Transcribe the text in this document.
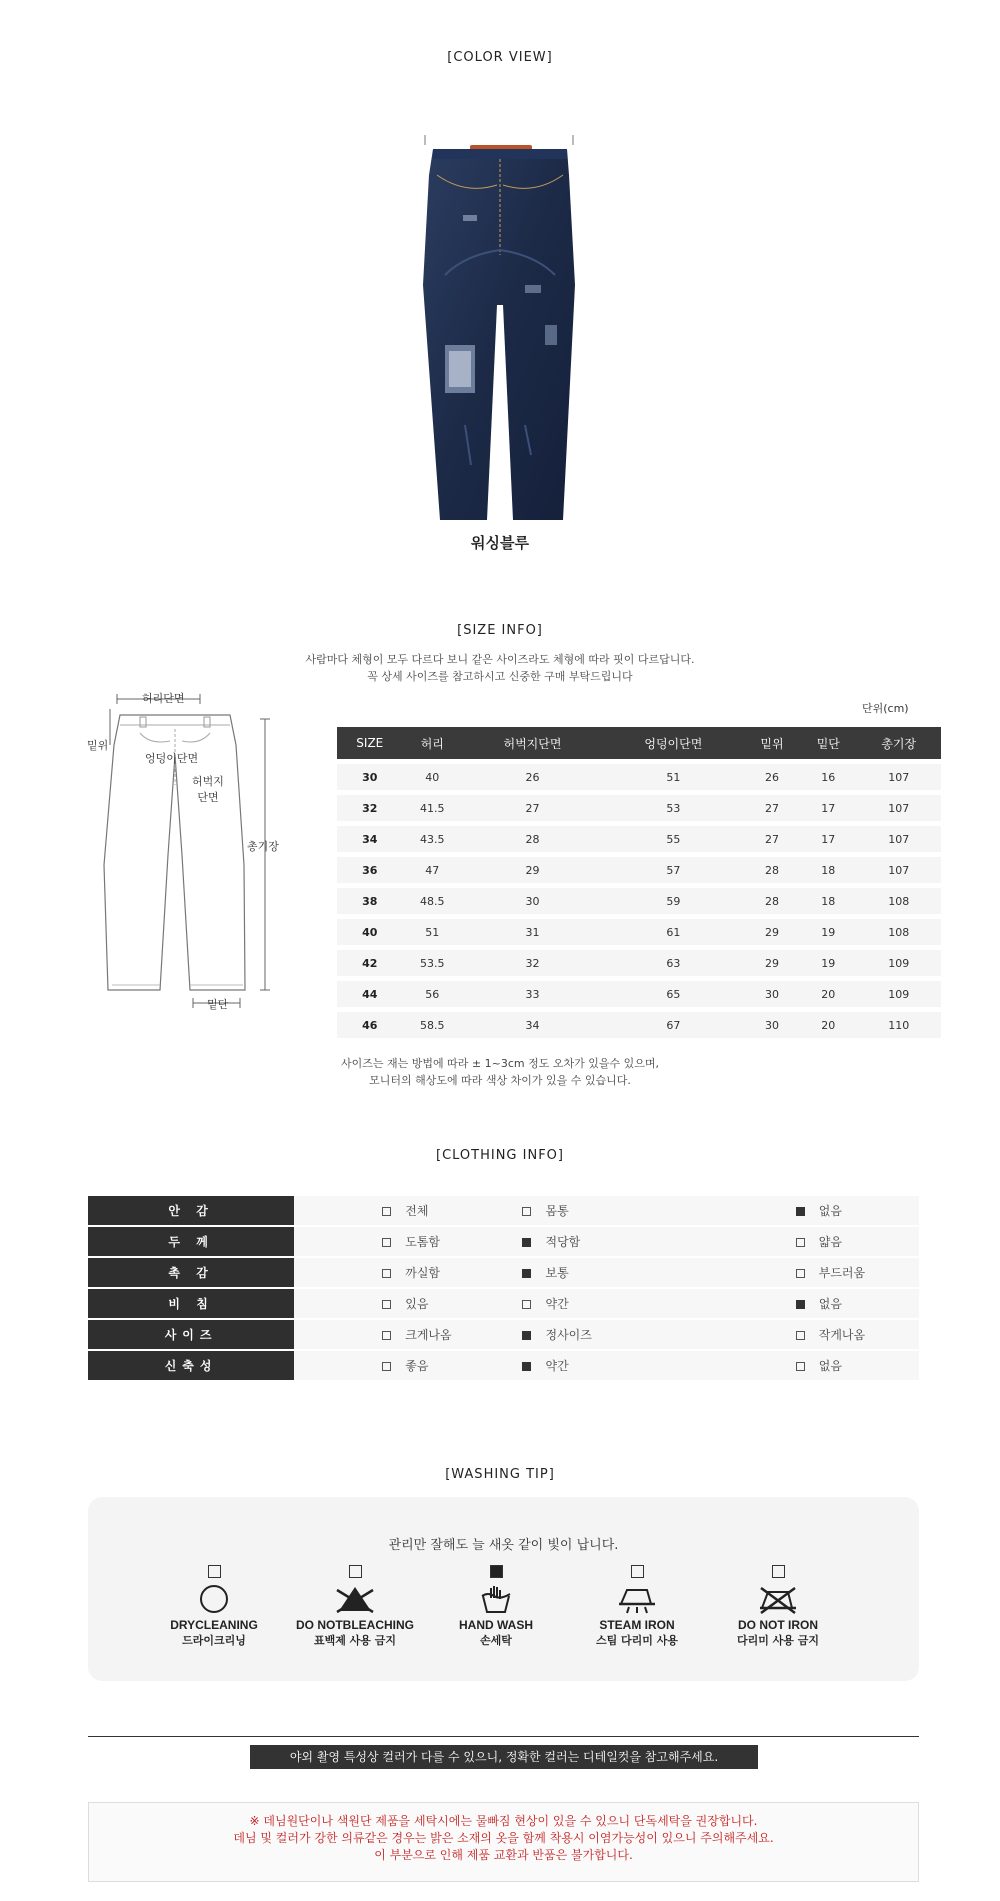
[COLOR VIEW]
워싱블루
[SIZE INFO]
사람마다 체형이 모두 다르다 보니 같은 사이즈라도 체형에 따라 핏이 다르답니다.
꼭 상세 사이즈를 참고하시고 신중한 구매 부탁드립니다
허리단면
밑위
엉덩이단면
허벅지
단면
총기장
밑단
단위(cm)
SIZE	허리	허벅지단면	엉덩이단면	밑위	밑단	총기장
30	40	26	51	26	16	107
32	41.5	27	53	27	17	107
34	43.5	28	55	27	17	107
36	47	29	57	28	18	107
38	48.5	30	59	28	18	108
40	51	31	61	29	19	108
42	53.5	32	63	29	19	109
44	56	33	65	30	20	109
46	58.5	34	67	30	20	110
사이즈는 재는 방법에 따라 ± 1~3cm 정도 오차가 있을수 있으며,
모니터의 해상도에 따라 색상 차이가 있을 수 있습니다.
[CLOTHING INFO]
안 감	전체	몸통	없음

두 께	도톰함	적당함	얇음

촉 감	까실함	보통	부드러움

비 침	있음	약간	없음

사이즈	크게나옴	정사이즈	작게나옴

신축성	좋음	약간	없음
[WASHING TIP]
관리만 잘해도 늘 새옷 같이 빛이 납니다.
DRYCLEANING
드라이크리닝
DO NOTBLEACHING
표백제 사용 금지
HAND WASH
손세탁
STEAM IRON
스팀 다리미 사용
DO NOT IRON
다리미 사용 금지
야외 촬영 특성상 컬러가 다를 수 있으니, 정확한 컬러는 디테일컷을 참고해주세요.
※ 데님원단이나 색원단 제품을 세탁시에는 물빠짐 현상이 있을 수 있으니 단독세탁을 권장합니다.
데님 및 컬러가 강한 의류같은 경우는 밝은 소재의 옷을 함께 착용시 이염가능성이 있으니 주의해주세요.
이 부분으로 인해 제품 교환과 반품은 불가합니다.
